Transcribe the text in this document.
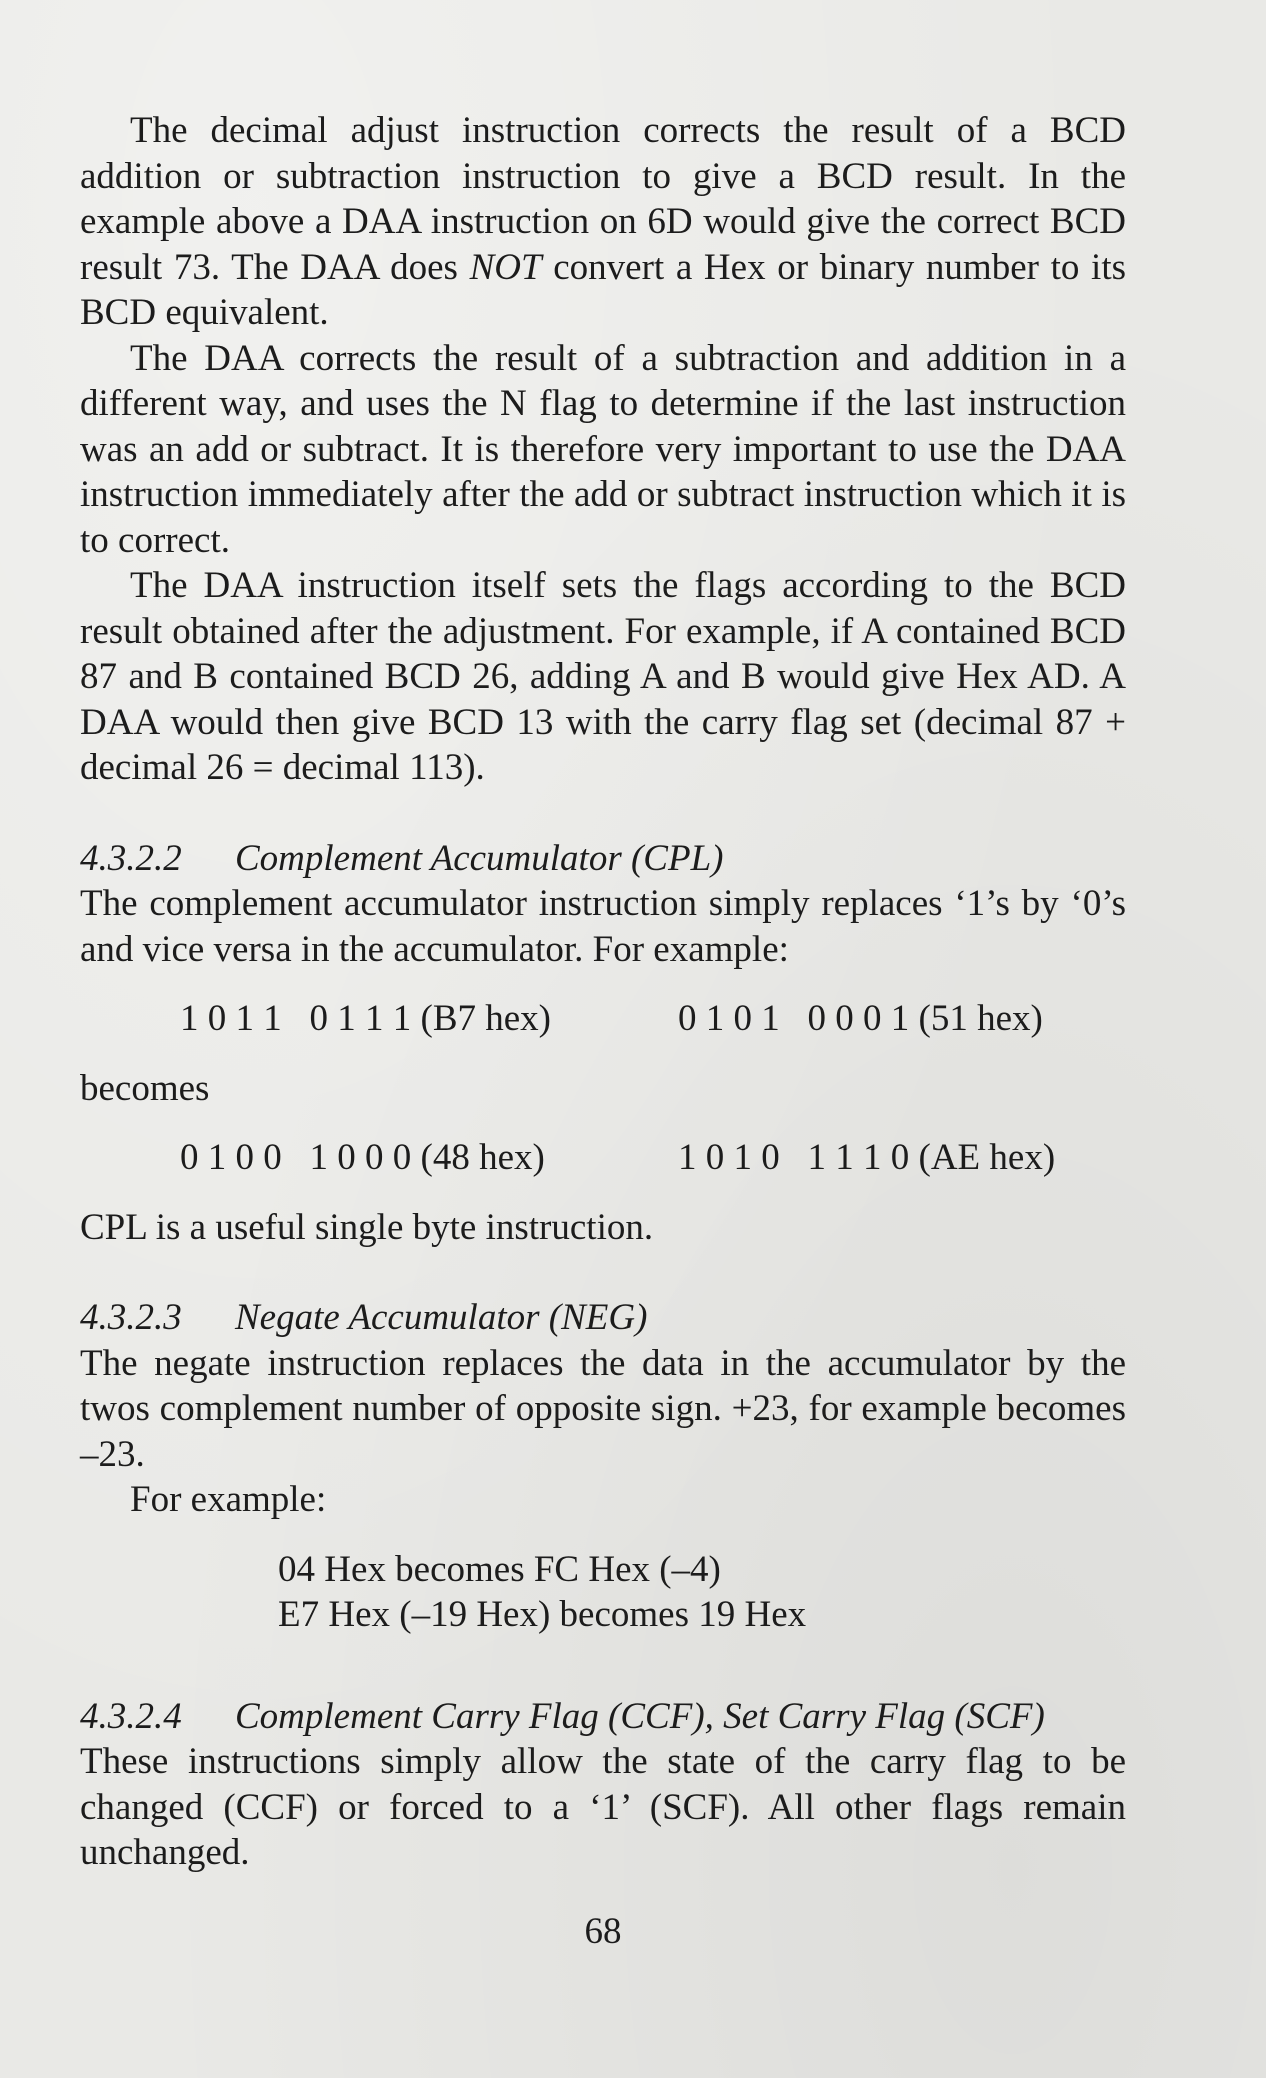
The decimal adjust instruction corrects the result of a BCD addition or subtraction instruction to give a BCD result. In the example above a DAA instruction on 6D would give the correct BCD result 73. The DAA does NOT convert a Hex or binary number to its BCD equivalent.

The DAA corrects the result of a subtraction and addition in a different way, and uses the N flag to determine if the last instruction was an add or subtract. It is therefore very important to use the DAA instruction immediately after the add or subtract instruction which it is to correct.

The DAA instruction itself sets the flags according to the BCD result obtained after the adjustment. For example, if A contained BCD 87 and B contained BCD 26, adding A and B would give Hex AD. A DAA would then give BCD 13 with the carry flag set (decimal 87 + decimal 26 = decimal 113).

4.3.2.2 Complement Accumulator (CPL)

The complement accumulator instruction simply replaces ‘1’s by ‘0’s and vice versa in the accumulator. For example:

1 0 1 1   0 1 1 1 (B7 hex)	0 1 0 1   0 0 0 1 (51 hex)

becomes

0 1 0 0   1 0 0 0 (48 hex)	1 0 1 0   1 1 1 0 (AE hex)

CPL is a useful single byte instruction.

4.3.2.3 Negate Accumulator (NEG)

The negate instruction replaces the data in the accumulator by the twos complement number of opposite sign. +23, for example becomes –23.

For example:

04 Hex becomes FC Hex (–4)
E7 Hex (–19 Hex) becomes 19 Hex
4.3.2.4 Complement Carry Flag (CCF), Set Carry Flag (SCF)

These instructions simply allow the state of the carry flag to be changed (CCF) or forced to a ‘1’ (SCF). All other flags remain unchanged.

68
